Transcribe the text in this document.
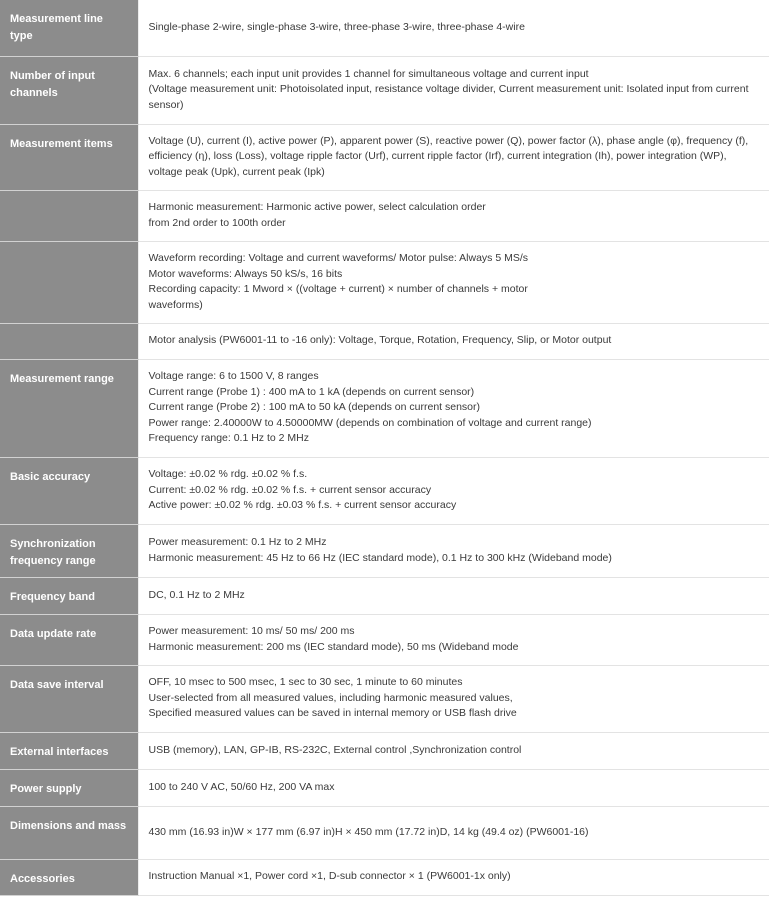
Measurement line type	Single-phase 2-wire, single-phase 3-wire, three-phase 3-wire, three-phase 4-wire

Number of input channels	Max. 6 channels; each input unit provides 1 channel for simultaneous voltage and current input
(Voltage measurement unit: Photoisolated input, resistance voltage divider, Current measurement unit: Isolated input from current sensor)

Measurement items	Voltage (U), current (I), active power (P), apparent power (S), reactive power (Q), power factor (λ), phase angle (φ), frequency (f), efficiency (η), loss (Loss), voltage ripple factor (Urf), current ripple factor (Irf), current integration (Ih), power integration (WP), voltage peak (Upk), current peak (Ipk)

	Harmonic measurement: Harmonic active power, select calculation order
from 2nd order to 100th order

	Waveform recording: Voltage and current waveforms/ Motor pulse: Always 5 MS/s
Motor waveforms: Always 50 kS/s, 16 bits
Recording capacity: 1 Mword × ((voltage + current) × number of channels + motor
waveforms)

	Motor analysis (PW6001-11 to -16 only): Voltage, Torque, Rotation, Frequency, Slip, or Motor output

Measurement range	Voltage range: 6 to 1500 V, 8 ranges
Current range (Probe 1) : 400 mA to 1 kA (depends on current sensor)
Current range (Probe 2) : 100 mA to 50 kA (depends on current sensor)
Power range: 2.40000W to 4.50000MW (depends on combination of voltage and current range)
Frequency range: 0.1 Hz to 2 MHz

Basic accuracy	Voltage: ±0.02 % rdg. ±0.02 % f.s.
Current: ±0.02 % rdg. ±0.02 % f.s. + current sensor accuracy
Active power: ±0.02 % rdg. ±0.03 % f.s. + current sensor accuracy

Synchronization frequency range	Power measurement: 0.1 Hz to 2 MHz
Harmonic measurement: 45 Hz to 66 Hz (IEC standard mode), 0.1 Hz to 300 kHz (Wideband mode)

Frequency band	DC, 0.1 Hz to 2 MHz

Data update rate	Power measurement: 10 ms/ 50 ms/ 200 ms
Harmonic measurement: 200 ms (IEC standard mode), 50 ms (Wideband mode

Data save interval	OFF, 10 msec to 500 msec, 1 sec to 30 sec, 1 minute to 60 minutes
User-selected from all measured values, including harmonic measured values,
Specified measured values can be saved in internal memory or USB flash drive

External interfaces	USB (memory), LAN, GP-IB, RS-232C, External control ,Synchronization control

Power supply	100 to 240 V AC, 50/60 Hz, 200 VA max

Dimensions and mass	430 mm (16.93 in)W × 177 mm (6.97 in)H × 450 mm (17.72 in)D, 14 kg (49.4 oz) (PW6001-16)

Accessories	Instruction Manual ×1, Power cord ×1, D-sub connector × 1 (PW6001-1x only)
